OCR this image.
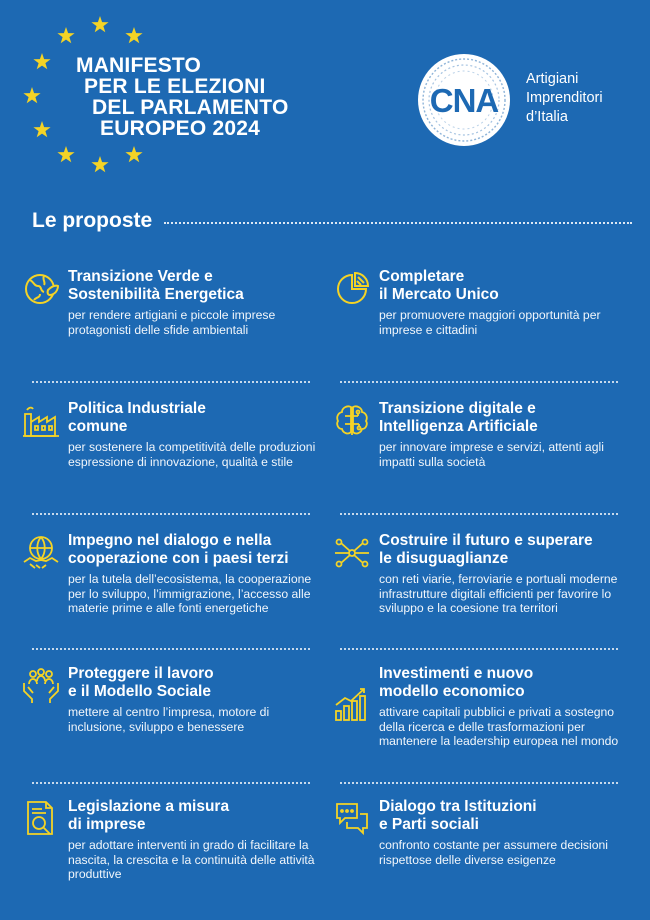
MANIFESTO
PER LE ELEZIONI
DEL PARLAMENTO
EUROPEO 2024
CNA
Artigiani
Imprenditori
d’Italia
Le proposte
Transizione Verde e
Sostenibilità Energetica

per rendere artigiani e piccole imprese protagonisti delle sfide ambientali

Completare
il Mercato Unico

per promuovere maggiori opportunità per imprese e cittadini

Politica Industriale
comune

per sostenere la competitività delle produzioni espressione di innovazione, qualità e stile

Transizione digitale e
Intelligenza Artificiale

per innovare imprese e servizi, attenti agli impatti sulla società

Impegno nel dialogo e nella
cooperazione con i paesi terzi

per la tutela dell’ecosistema, la cooperazione per lo sviluppo, l’immigrazione, l’accesso alle materie prime e alle fonti energetiche

Costruire il futuro e superare
le disuguaglianze

con reti viarie, ferroviarie e portuali moderne infrastrutture digitali efficienti per favorire lo sviluppo e la coesione tra territori

Proteggere il lavoro
e il Modello Sociale

mettere al centro l’impresa, motore di inclusione, sviluppo e benessere

Investimenti e nuovo
modello economico

attivare capitali pubblici e privati a sostegno della ricerca e delle trasformazioni per mantenere la leadership europea nel mondo

Legislazione a misura
di imprese

per adottare interventi in grado di facilitare la nascita, la crescita e la continuità delle attività produttive

Dialogo tra Istituzioni
e Parti sociali

confronto costante per assumere decisioni rispettose delle diverse esigenze
